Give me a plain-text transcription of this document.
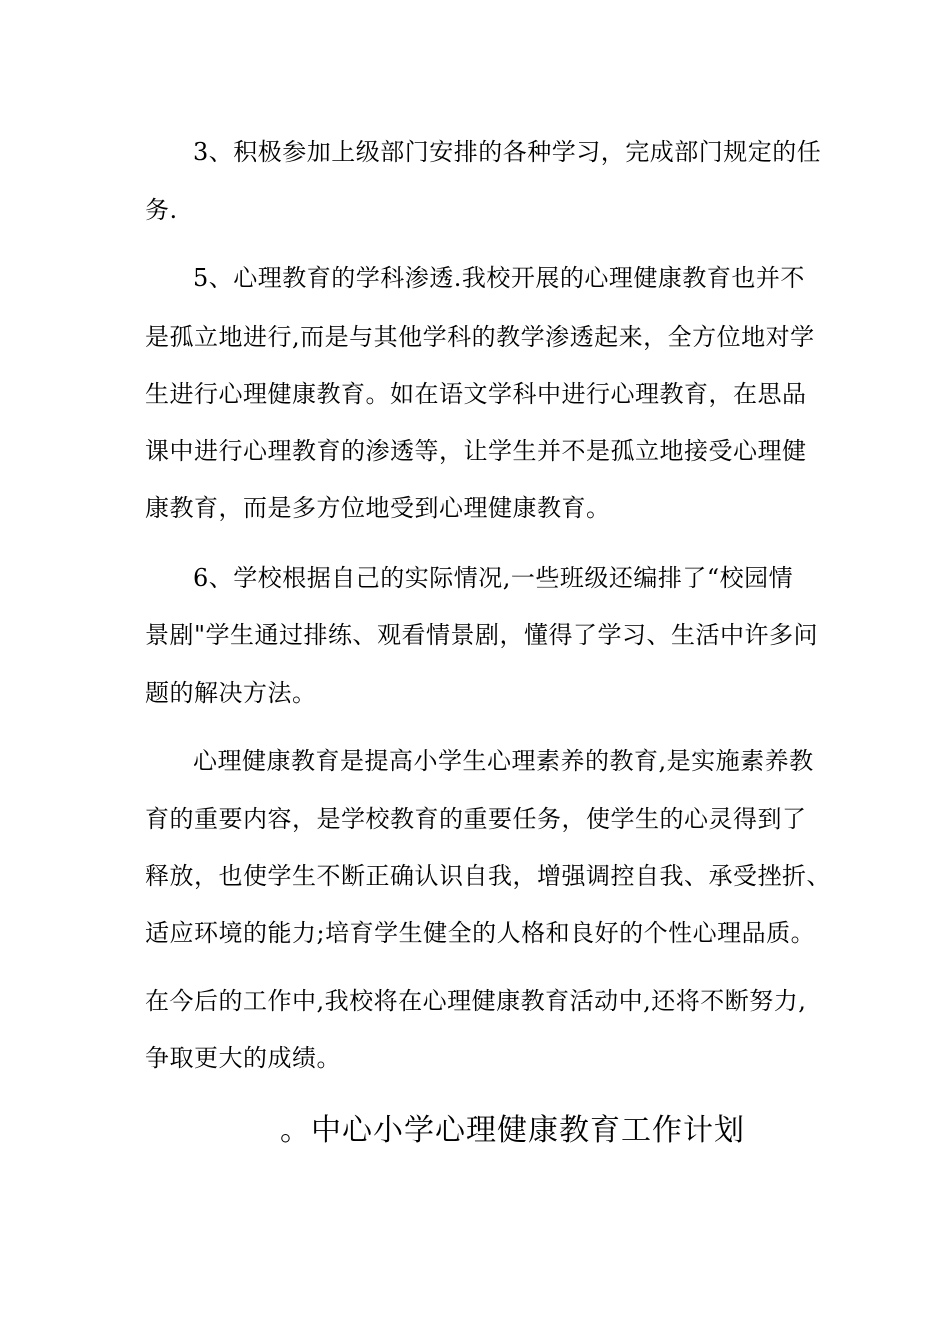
3、积极参加上级部门安排的各种学习，完成部门规定的任
务.
5、心理教育的学科渗透.我校开展的心理健康教育也并不
是孤立地进行,而是与其他学科的教学渗透起来，全方位地对学
生进行心理健康教育。如在语文学科中进行心理教育，在思品
课中进行心理教育的渗透等，让学生并不是孤立地接受心理健
康教育，而是多方位地受到心理健康教育。
6、学校根据自己的实际情况,一些班级还编排了“校园情
景剧"学生通过排练、观看情景剧，懂得了学习、生活中许多问
题的解决方法。
心理健康教育是提高小学生心理素养的教育,是实施素养教
育的重要内容，是学校教育的重要任务，使学生的心灵得到了
释放，也使学生不断正确认识自我，增强调控自我、承受挫折、
适应环境的能力;培育学生健全的人格和良好的个性心理品质。
在今后的工作中,我校将在心理健康教育活动中,还将不断努力,
争取更大的成绩。
。中心小学心理健康教育工作计划
